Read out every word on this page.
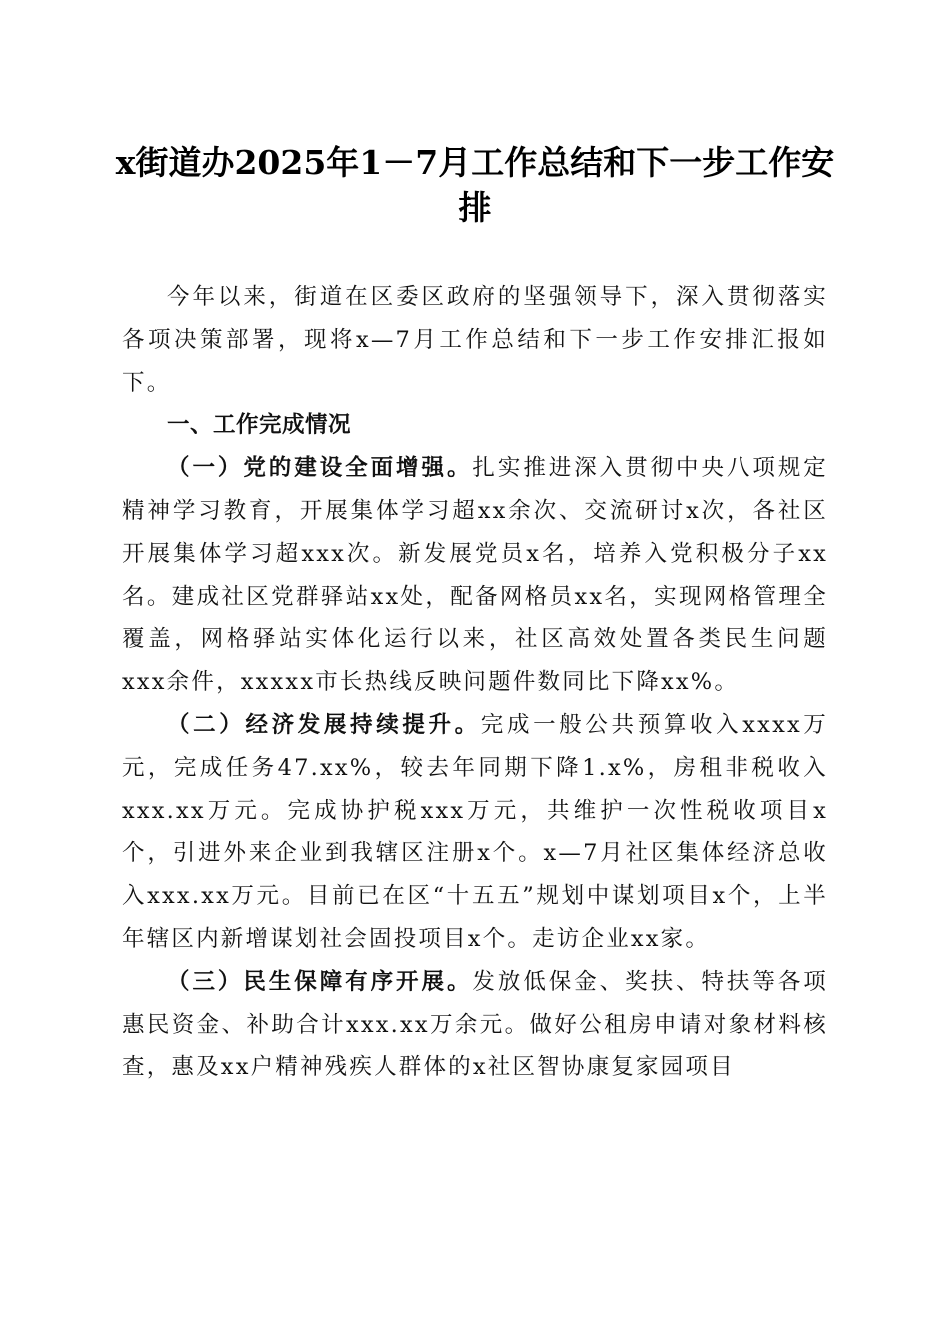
x街道办2025年1－7月工作总结和下一步工作安排

今年以来，街道在区委区政府的坚强领导下，深入贯彻落实各项决策部署，现将x—7月工作总结和下一步工作安排汇报如下。

一、工作完成情况

（一）党的建设全面增强。扎实推进深入贯彻中央八项规定精神学习教育，开展集体学习超xx余次、交流研讨x次，各社区开展集体学习超xxx次。新发展党员x名，培养入党积极分子xx名。建成社区党群驿站xx处，配备网格员xx名，实现网格管理全覆盖，网格驿站实体化运行以来，社区高效处置各类民生问题xxx余件，xxxxx市长热线反映问题件数同比下降xx%。

（二）经济发展持续提升。完成一般公共预算收入xxxx万元，完成任务47.xx%，较去年同期下降1.x%，房租非税收入xxx.xx万元。完成协护税xxx万元，共维护一次性税收项目x个，引进外来企业到我辖区注册x个。x—7月社区集体经济总收入xxx.xx万元。目前已在区“十五五”规划中谋划项目x个，上半年辖区内新增谋划社会固投项目x个。走访企业xx家。

（三）民生保障有序开展。发放低保金、奖扶、特扶等各项惠民资金、补助合计xxx.xx万余元。做好公租房申请对象材料核查，惠及xx户精神残疾人群体的x社区智协康复家园项目
